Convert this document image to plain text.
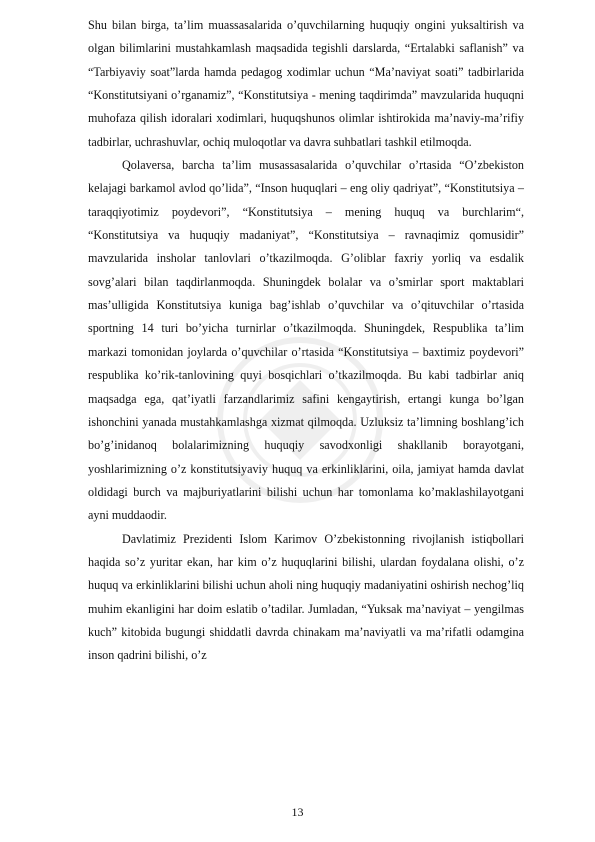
Shu bilan birga, ta’lim muassasalarida o’quvchilarning huquqiy ongini yuksaltirish va olgan bilimlarini mustahkamlash maqsadida tegishli darslarda, “Ertalabki saflanish” va “Tarbiyaviy soat”larda hamda pedagog xodimlar uchun “Ma’naviyat soati” tadbirlarida “Konstitutsiyani o’rganamiz”, “Konstitutsiya - mening taqdirimda” mavzularida huquqni muhofaza qilish idoralari xodimlari, huquqshunos olimlar ishtirokida ma’naviy-ma’rifiy tadbirlar, uchrashuvlar, ochiq muloqotlar va davra suhbatlari tashkil etilmoqda.

Qolaversa, barcha ta’lim musassasalarida o’quvchilar o’rtasida “O’zbekiston kelajagi barkamol avlod qo’lida”, “Inson huquqlari – eng oliy qadriyat”, “Konstitutsiya – taraqqiyotimiz poydevori”, “Konstitutsiya – mening huquq va burchlarim“, “Konstitutsiya va huquqiy madaniyat”, “Konstitutsiya – ravnaqimiz qomusidir” mavzularida insholar tanlovlari o’tkazilmoqda. G’oliblar faxriy yorliq va esdalik sovg’alari bilan taqdirlanmoqda. Shuningdek bolalar va o’smirlar sport maktablari mas’ulligida Konstitutsiya kuniga bag’ishlab o’quvchilar va o’qituvchilar o’rtasida sportning 14 turi bo’yicha turnirlar o’tkazilmoqda. Shuningdek, Respublika ta’lim markazi tomonidan joylarda o’quvchilar o’rtasida “Konstitutsiya – baxtimiz poydevori” respublika ko’rik-tanlovining quyi bosqichlari o’tkazilmoqda. Bu kabi tadbirlar aniq maqsadga ega, qat’iyatli farzandlarimiz safini kengaytirish, ertangi kunga bo’lgan ishonchini yanada mustahkamlashga xizmat qilmoqda. Uzluksiz ta’limning boshlang’ich bo’g’inidanoq bolalarimizning huquqiy savodxonligi shakllanib borayotgani, yoshlarimizning o’z konstitutsiyaviy huquq va erkinliklarini, oila, jamiyat hamda davlat oldidagi burch va majburiyatlarini bilishi uchun har tomonlama ko’maklashilayotgani ayni muddaodir.

Davlatimiz Prezidenti Islom Karimov O’zbekistonning rivojlanish istiqbollari haqida so’z yuritar ekan, har kim o’z huquqlarini bilishi, ulardan foydalana olishi, o’z huquq va erkinliklarini bilishi uchun aholi ning huquqiy madaniyatini oshirish nechog’liq muhim ekanligini har doim eslatib o’tadilar. Jumladan, “Yuksak ma’naviyat – yengilmas kuch” kitobida bugungi shiddatli davrda chinakam ma’naviyatli va ma’rifatli odamgina inson qadrini bilishi, o’z

13
